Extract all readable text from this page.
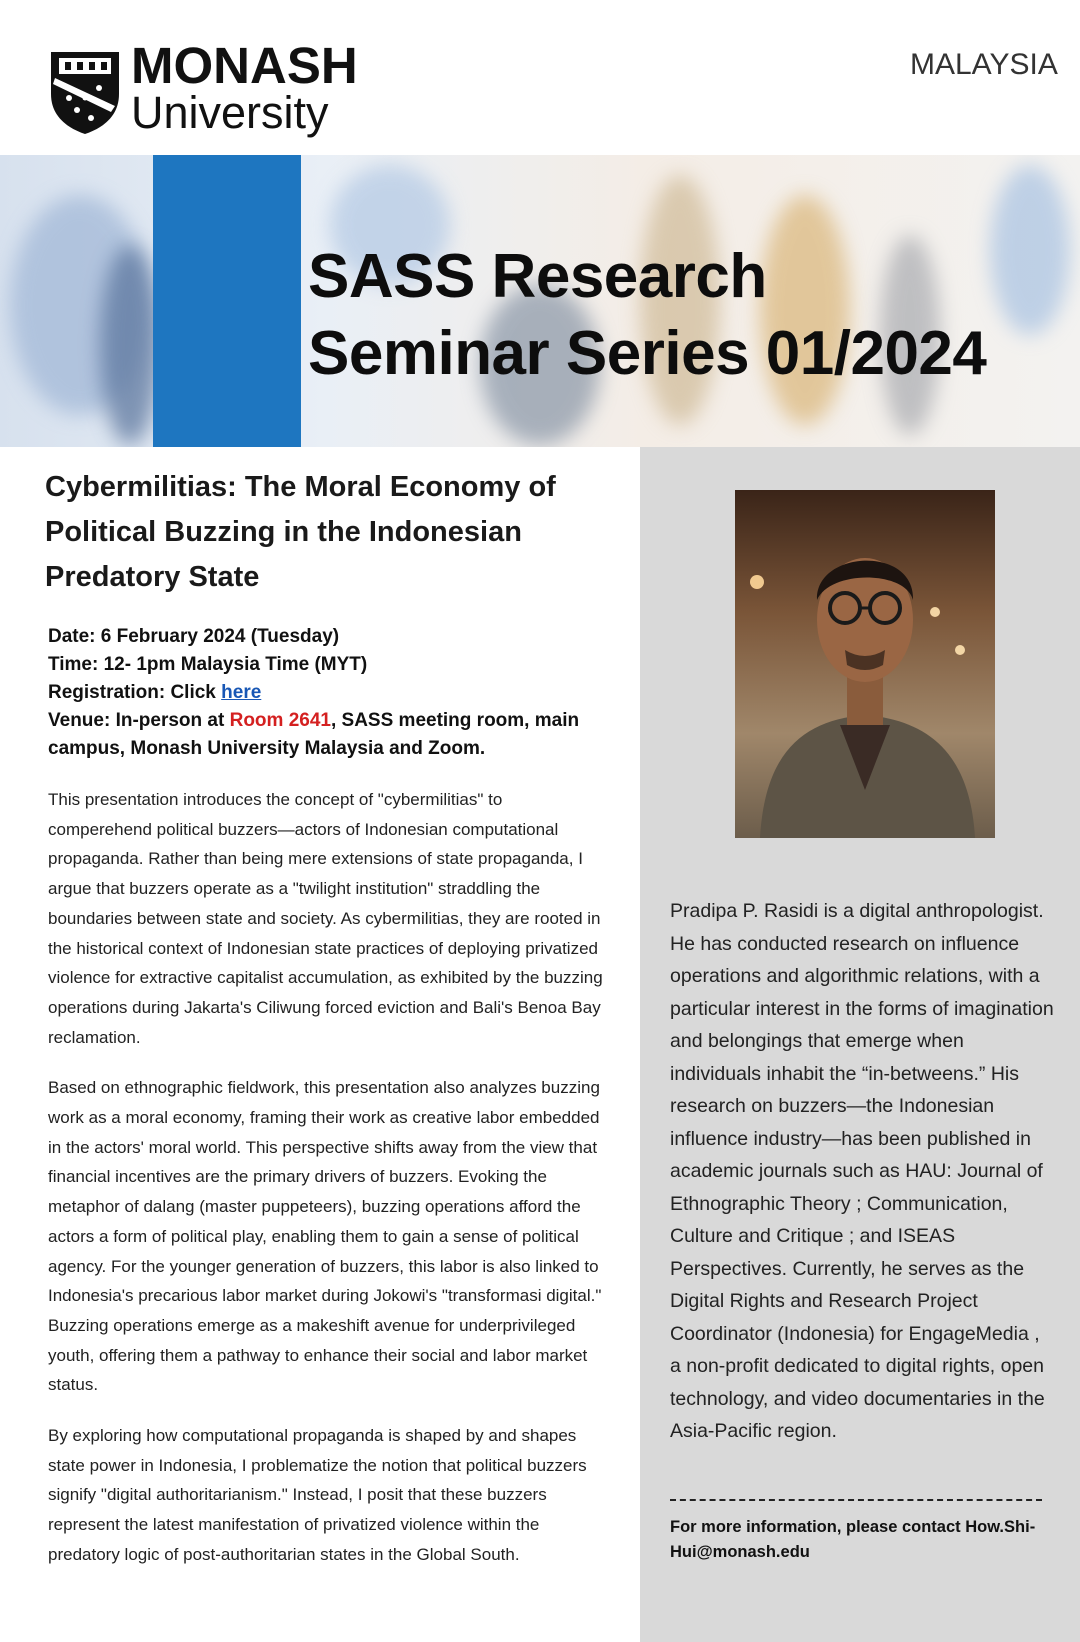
MONASH
University
MALAYSIA
SASS Research
Seminar Series 01/2024
Cybermilitias: The Moral Economy of Political Buzzing in the Indonesian Predatory State
Date: 6 February 2024 (Tuesday)
Time: 12- 1pm Malaysia Time (MYT)
Registration: Click here
Venue: In-person at Room 2641, SASS meeting room, main campus, Monash University Malaysia and Zoom.

This presentation introduces the concept of "cybermilitias" to comperehend political buzzers—actors of Indonesian computational propaganda. Rather than being mere extensions of state propaganda, I argue that buzzers operate as a "twilight institution" straddling the boundaries between state and society. As cybermilitias, they are rooted in the historical context of Indonesian state practices of deploying privatized violence for extractive capitalist accumulation, as exhibited by the buzzing operations during Jakarta's Ciliwung forced eviction and Bali's Benoa Bay reclamation.

Based on ethnographic fieldwork, this presentation also analyzes buzzing work as a moral economy, framing their work as creative labor embedded in the actors' moral world. This perspective shifts away from the view that financial incentives are the primary drivers of buzzers. Evoking the metaphor of dalang (master puppeteers), buzzing operations afford the actors a form of political play, enabling them to gain a sense of political agency. For the younger generation of buzzers, this labor is also linked to Indonesia's precarious labor market during Jokowi's "transformasi digital." Buzzing operations emerge as a makeshift avenue for underprivileged youth, offering them a pathway to enhance their social and labor market status.

By exploring how computational propaganda is shaped by and shapes state power in Indonesia, I problematize the notion that political buzzers signify "digital authoritarianism." Instead, I posit that these buzzers represent the latest manifestation of privatized violence within the predatory logic of post-authoritarian states in the Global South.

Pradipa P. Rasidi is a digital anthropologist. He has conducted research on influence operations and algorithmic relations, with a particular interest in the forms of imagination and belongings that emerge when individuals inhabit the “in-betweens.” His research on buzzers—the Indonesian influence industry—has been published in academic journals such as HAU: Journal of Ethnographic Theory ; Communication, Culture and Critique ; and ISEAS Perspectives. Currently, he serves as the Digital Rights and Research Project Coordinator (Indonesia) for EngageMedia , a non-profit dedicated to digital rights, open technology, and video documentaries in the Asia-Pacific region.
For more information, please contact How.Shi-Hui@monash.edu
